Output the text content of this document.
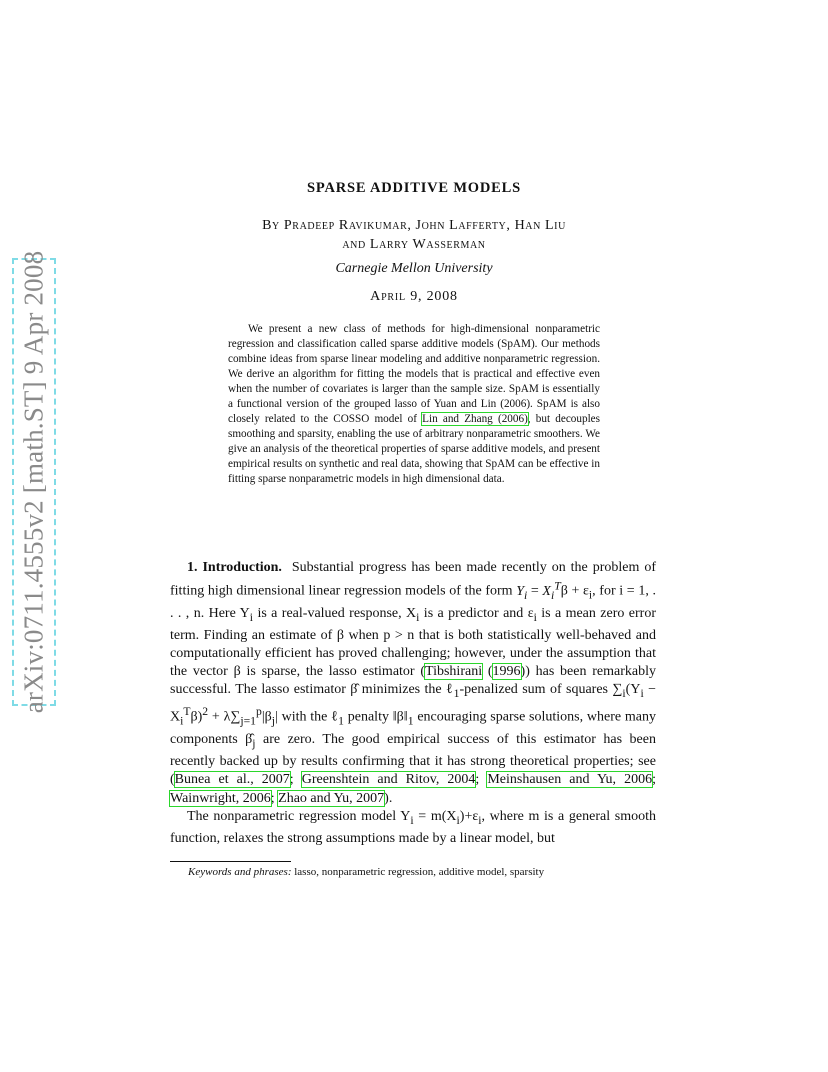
arXiv:0711.4555v2 [math.ST] 9 Apr 2008
SPARSE ADDITIVE MODELS
By Pradeep Ravikumar, John Lafferty, Han Liu
and Larry Wasserman
Carnegie Mellon University
April 9, 2008
We present a new class of methods for high-dimensional nonparametric regression and classification called sparse additive models (SpAM). Our methods combine ideas from sparse linear modeling and additive nonparametric regression. We derive an algorithm for fitting the models that is practical and effective even when the number of covariates is larger than the sample size. SpAM is essentially a functional version of the grouped lasso of Yuan and Lin (2006). SpAM is also closely related to the COSSO model of Lin and Zhang (2006), but decouples smoothing and sparsity, enabling the use of arbitrary nonparametric smoothers. We give an analysis of the theoretical properties of sparse additive models, and present empirical results on synthetic and real data, showing that SpAM can be effective in fitting sparse nonparametric models in high dimensional data.

1. Introduction. Substantial progress has been made recently on the problem of fitting high dimensional linear regression models of the form $Y_i = X_i^T\beta + \varepsilon_i$, for i = 1, . . . , n. Here $Y_i$ is a real-valued response, $X_i$ is a predictor and $\varepsilon_i$ is a mean zero error term. Finding an estimate of β when p > n that is both statistically well-behaved and computationally efficient has proved challenging; however, under the assumption that the vector β is sparse, the lasso estimator (Tibshirani (1996)) has been remarkably successful. The lasso estimator β̂ minimizes the ℓ$_1$-penalized sum of squares $\sum_i(Y_i - X_i^T\beta)^2 + \lambda\sum_{j=1}^p|\beta_j|$ with the ℓ$_1$ penalty $‖\beta‖_1$ encouraging sparse solutions, where many components $\betâ_j$ are zero. The good empirical success of this estimator has been recently backed up by results confirming that it has strong theoretical properties; see (Bunea et al., 2007; Greenshtein and Ritov, 2004; Meinshausen and Yu, 2006; Wainwright, 2006; Zhao and Yu, 2007).

The nonparametric regression model $Y_i = m(X_i)+\varepsilon_i$, where m is a general smooth function, relaxes the strong assumptions made by a linear model, but

Keywords and phrases: lasso, nonparametric regression, additive model, sparsity
